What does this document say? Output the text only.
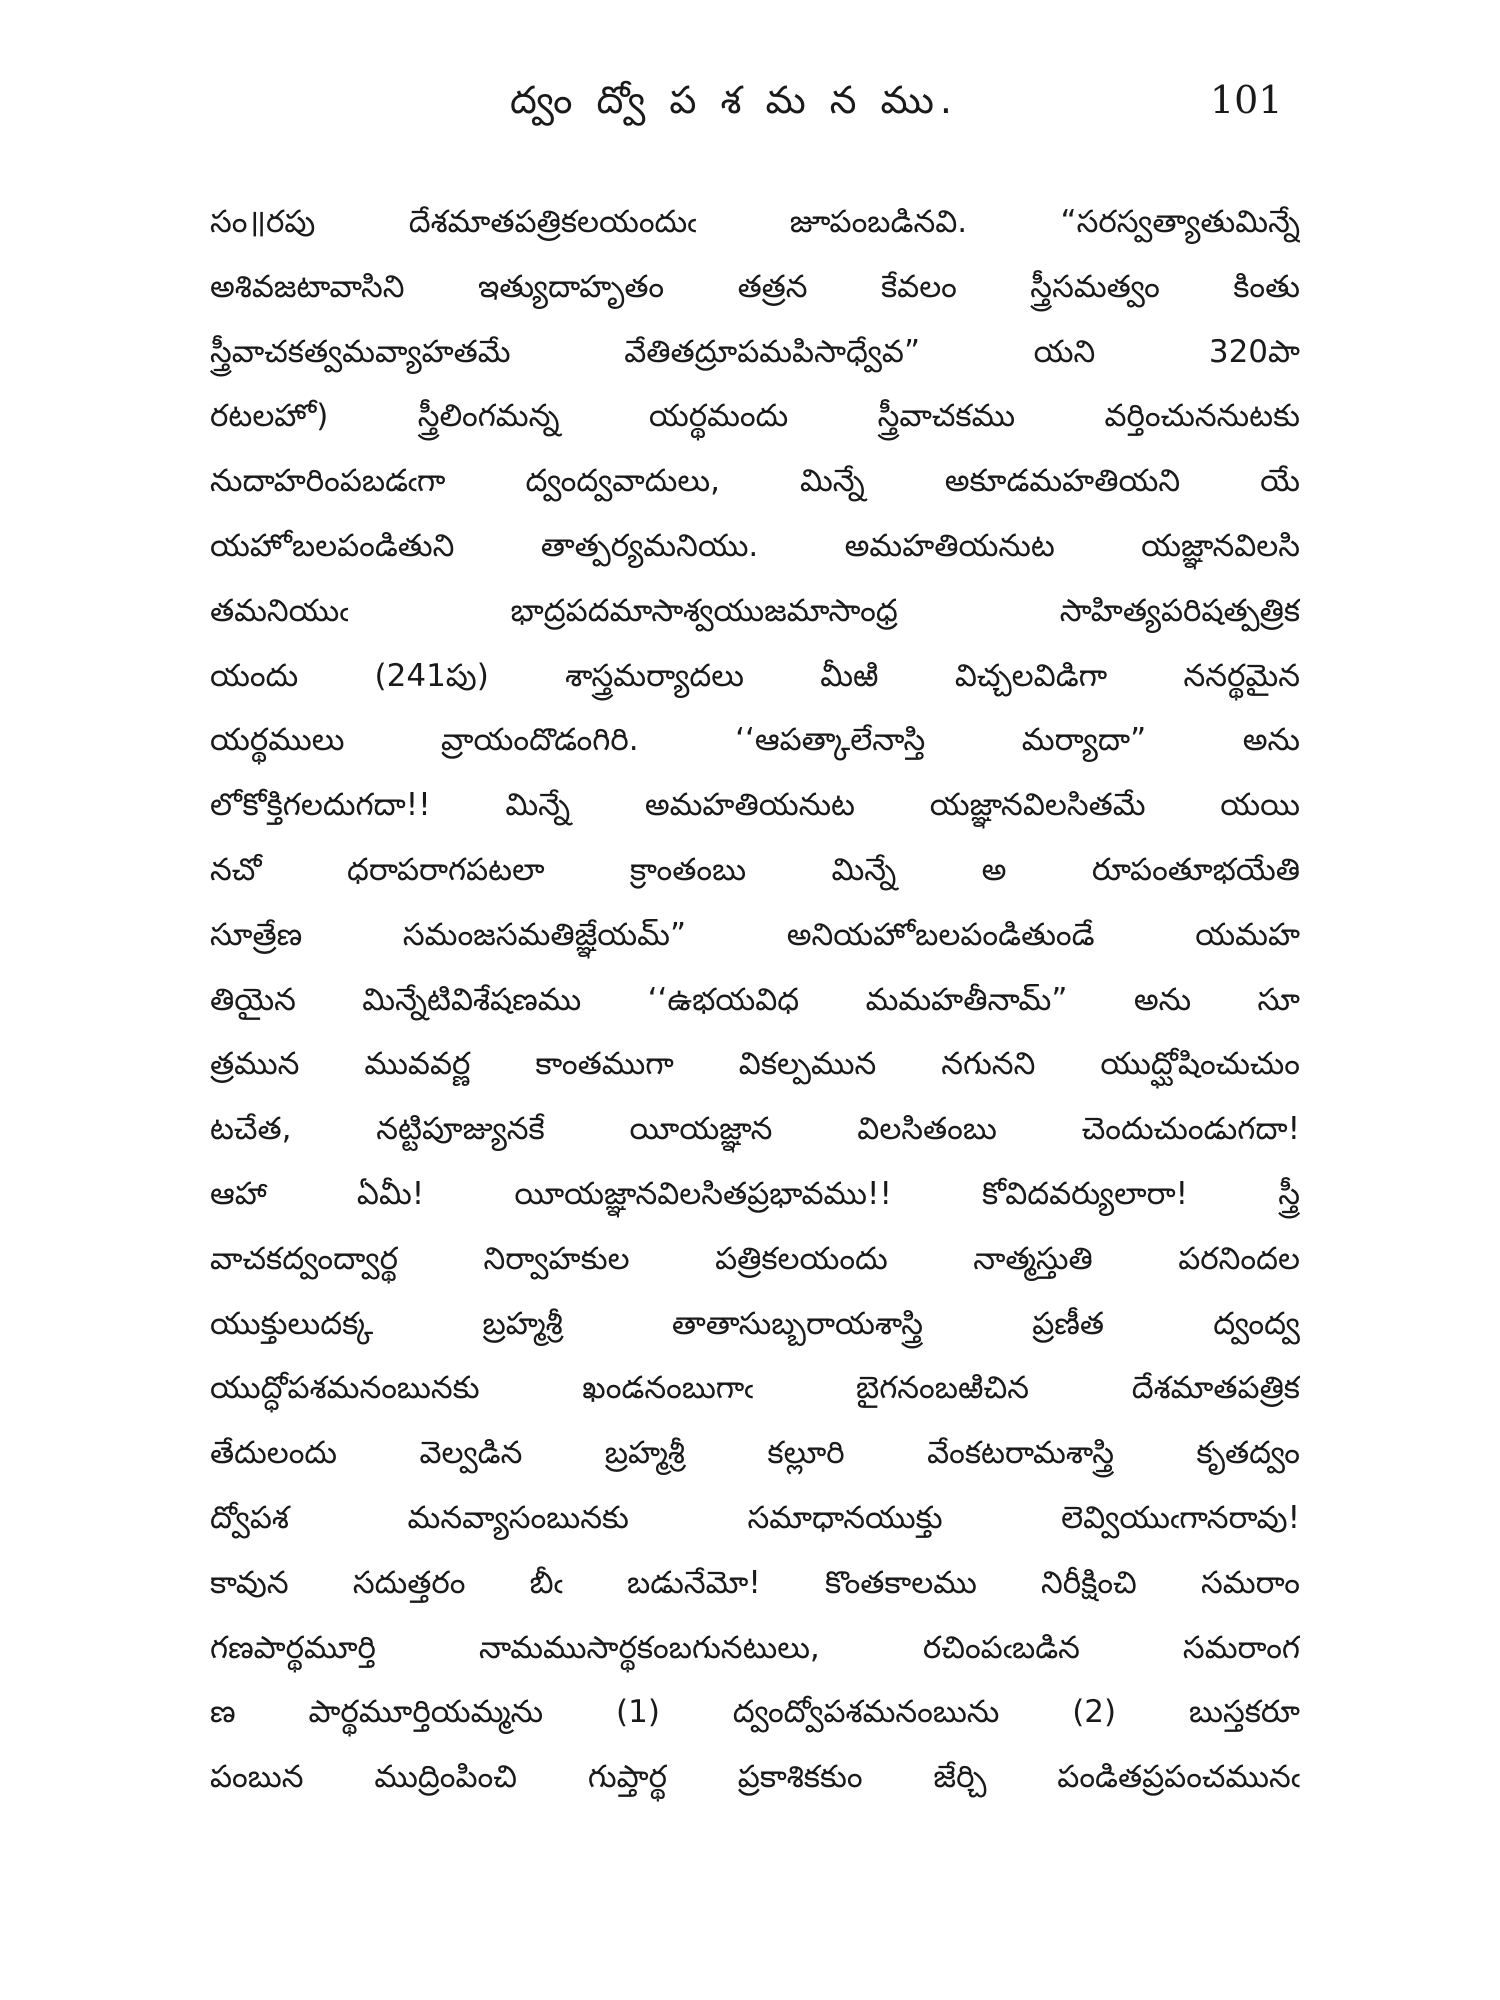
ద్వం ద్వో ప శ మ న ము.	101
సం॥రపు దేశమాతపత్రికలయందుఁ జూపంబడినవి. “సరస్వత్యాతుమిన్నే
అశివజటావాసిని ఇత్యుదాహృతం తత్రన కేవలం స్త్రీసమత్వం కింతు
స్త్రీవాచకత్వమవ్యాహతమే వేతితద్రూపమపిసాధ్వేవ” యని 320పా
రటలహో) స్త్రీలింగమన్న యర్థమందు స్త్రీవాచకము వర్తించుననుటకు
నుదాహరింపబడఁగా ద్వంద్వవాదులు, మిన్నే అకూడమహతియని యే
యహోబలపండితుని తాత్పర్యమనియు. అమహతియనుట యజ్ఞానవిలసి
తమనియుఁ భాద్రపదమాసాశ్వయుజమాసాంధ్ర సాహిత్యపరిషత్పత్రిక
యందు (241పు) శాస్త్రమర్యాదలు మీఱి విచ్చలవిడిగా ననర్థమైన
యర్థములు వ్రాయందొడంగిరి. ‘‘ఆపత్కాలేనాస్తి మర్యాదా” అను
లోకోక్తిగలదుగదా!! మిన్నే అమహతియనుట యజ్ఞానవిలసితమే యయి
నచో ధరాపరాగపటలా క్రాంతంబు మిన్నే అ రూపంతూభయేతి
సూత్రేణ సమంజసమతిజ్ఞేయమ్” అనియహోబలపండితుండే యమహ
తియైన మిన్నేటివిశేషణము ‘‘ఉభయవిధ మమహతీనామ్” అను సూ
త్రమున మువవర్ణ కాంతముగా వికల్పమున నగునని యుద్ఘోషించుచుం
టచేత, నట్టిపూజ్యునకే యీయజ్ఞాన విలసితంబు చెందుచుండుగదా!
ఆహా ఏమీ! యీయజ్ఞానవిలసితప్రభావము!! కోవిదవర్యులారా! స్త్రీ
వాచకద్వంద్వార్థ నిర్వాహకుల పత్రికలయందు నాత్మస్తుతి పరనిందల
యుక్తులుదక్క బ్రహ్మశ్రీ తాతాసుబ్బరాయశాస్త్రి ప్రణీత ద్వంద్వ
యుద్ధోపశమనంబునకు ఖండనంబుగాఁ బైగనంబఱిచిన దేశమాతపత్రిక
తేదులందు వెల్వడిన బ్రహ్మశ్రీ కల్లూరి వేంకటరామశాస్త్రి కృతద్వం
ద్వోపశ మనవ్యాసంబునకు సమాధానయుక్తు లెవ్వియుఁగానరావు!
కావున సదుత్తరం బీఁ బడునేమో! కొంతకాలము నిరీక్షించి సమరాం
గణపార్థమూర్తి నామముసార్థకంబగునటులు, రచింపఁబడిన సమరాంగ
ణ పార్థమూర్తియమ్మను (1) ద్వంద్వోపశమనంబును (2) బుస్తకరూ
పంబున ముద్రింపించి గుప్తార్థ ప్రకాశికకుం జేర్చి పండితప్రపంచమునఁ
